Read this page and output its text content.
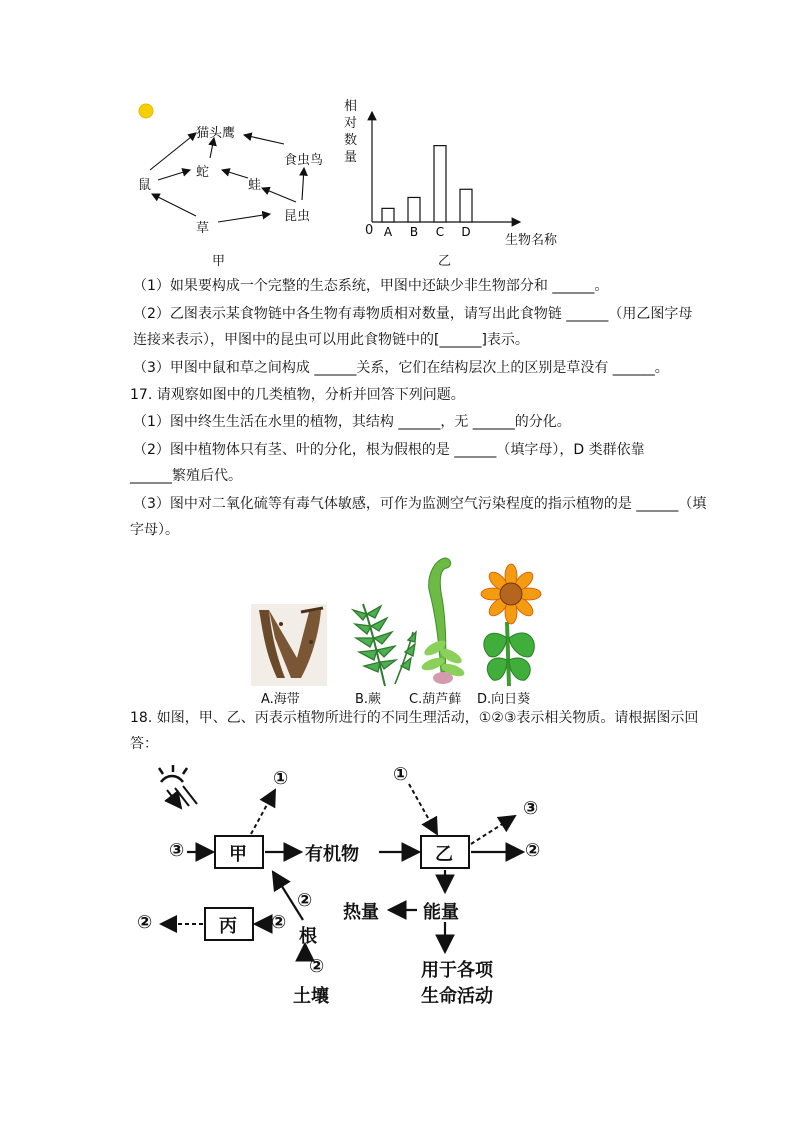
猫头鹰
食虫鸟
蛇
蛙
鼠
草
昆虫
甲
A B C D
相对数量
0
生物名称
乙
（1）如果要构成一个完整的生态系统，甲图中还缺少非生物部分和 ______。
（2）乙图表示某食物链中各生物有毒物质相对数量，请写出此食物链 ______（用乙图字母
连接来表示），甲图中的昆虫可以用此食物链中的[______]表示。
（3）甲图中鼠和草之间构成 ______关系，它们在结构层次上的区别是草没有 ______。
17. 请观察如图中的几类植物，分析并回答下列问题。
（1）图中终生生活在水里的植物，其结构 ______，无 ______的分化。
（2）图中植物体只有茎、叶的分化，根为假根的是 ______（填字母），D 类群依靠
______繁殖后代。
（3）图中对二氧化硫等有毒气体敏感，可作为监测空气污染程度的指示植物的是 ______（填
字母）。
A.海带	B.蕨 C.葫芦藓 D.向日葵
18. 如图，甲、乙、丙表示植物所进行的不同生理活动，①②③表示相关物质。请根据图示回
答：
③
①	①
③
②
②
②
②
②
甲	乙
丙
有机物
热量 能量
根
土壤
用于各项
生命活动
